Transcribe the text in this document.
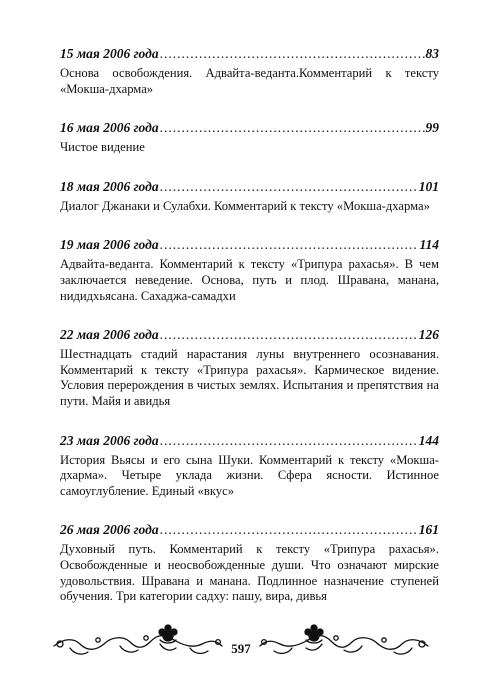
15 мая 2006 года .....	83
Основа освобождения. Адвайта-веданта.Комментарий к тексту «Мокша-дхарма»
16 мая 2006 года .....	99
Чистое видение
18 мая 2006 года .....	101
Диалог Джанаки и Сулабхи. Комментарий к тексту «Мокша-дхарма»
19 мая 2006 года .....	114
Адвайта-веданта. Комментарий к тексту «Трипура рахасья». В чем заключается неведение. Основа, путь и плод. Шравана, манана, нидидхьясана. Сахаджа-самадхи
22 мая 2006 года .....	126
Шестнадцать стадий нарастания луны внутреннего осознавания. Комментарий к тексту «Трипура рахасья». Кармическое видение. Условия перерождения в чистых землях. Испытания и препятствия на пути. Майя и авидья
23 мая 2006 года .....	144
История Вьясы и его сына Шуки. Комментарий к тексту «Мокша-дхарма». Четыре уклада жизни. Сфера ясности. Истинное самоуглубление. Единый «вкус»
26 мая 2006 года .....	161
Духовный путь. Комментарий к тексту «Трипура рахасья». Освобожденные и неосвобожденные души. Что означают мирские удовольствия. Шравана и манана. Подлинное назначение ступеней обучения. Три категории садху: пашу, вира, дивья
597
